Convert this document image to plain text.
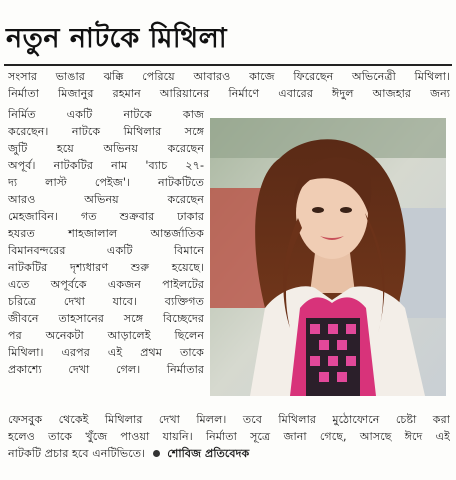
নতুন নাটকে মিথিলা
সংসার ভাঙার ঝক্কি পেরিয়ে আবারও কাজে ফিরেছেন অভিনেত্রী মিথিলা।
নির্মাতা মিজানুর রহমান আরিয়ানের নির্মাণে এবারের ঈদুল আজহার জন্য
নির্মিত একটি নাটকে কাজ
করেছেন। নাটকে মিথিলার সঙ্গে
জুটি হয়ে অভিনয় করেছেন
অপূর্ব। নাটকটির নাম 'ব্যাচ ২৭-
দ্য লাস্ট পেইজ'। নাটকটিতে
আরও অভিনয় করেছেন
মেহজাবিন। গত শুক্রবার ঢাকার
হযরত শাহজালাল আন্তর্জাতিক
বিমানবন্দরের একটি বিমানে
নাটকটির দৃশ্যধারণ শুরু হয়েছে।
এতে অপূর্বকে একজন পাইলটের
চরিত্রে দেখা যাবে। ব্যক্তিগত
জীবনে তাহসানের সঙ্গে বিচ্ছেদের
পর অনেকটা আড়ালেই ছিলেন
মিথিলা। এরপর এই প্রথম তাকে
প্রকাশ্যে দেখা গেল। নির্মাতার
ফেসবুক থেকেই মিথিলার দেখা মিলল। তবে মিথিলার মুঠোফোনে চেষ্টা করা
হলেও তাকে খুঁজে পাওয়া যায়নি। নির্মাতা সূত্রে জানা গেছে, আসছে ঈদে এই
নাটকটি প্রচার হবে এনটিভিতে। শোবিজ প্রতিবেদক
